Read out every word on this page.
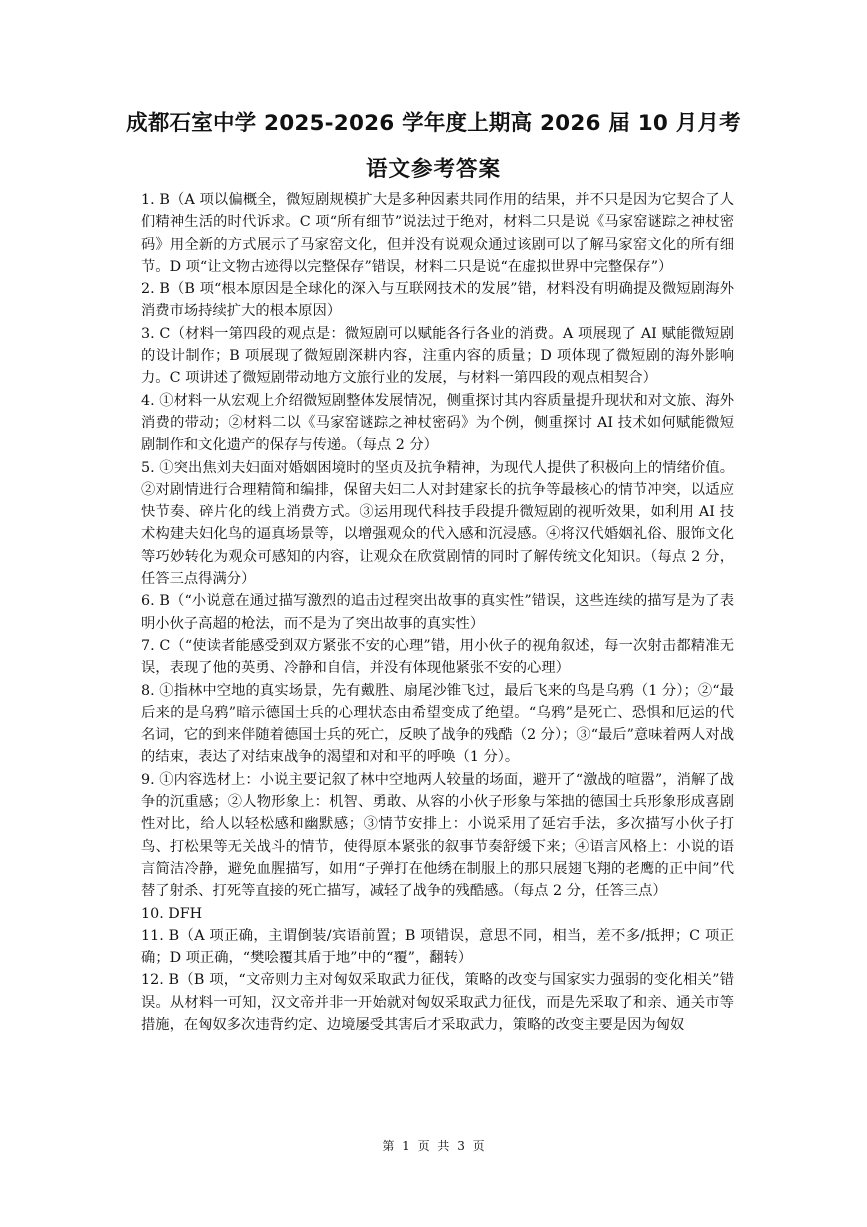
成都石室中学 2025-2026 学年度上期高 2026 届 10 月月考
语文参考答案

1. B（A 项以偏概全，微短剧规模扩大是多种因素共同作用的结果，并不只是因为它契合了人们精神生活的时代诉求。C 项“所有细节”说法过于绝对，材料二只是说《马家窑谜踪之神杖密码》用全新的方式展示了马家窑文化，但并没有说观众通过该剧可以了解马家窑文化的所有细节。D 项“让文物古迹得以完整保存”错误，材料二只是说“在虚拟世界中完整保存”）

2. B（B 项“根本原因是全球化的深入与互联网技术的发展”错，材料没有明确提及微短剧海外消费市场持续扩大的根本原因）

3. C（材料一第四段的观点是：微短剧可以赋能各行各业的消费。A 项展现了 AI 赋能微短剧的设计制作；B 项展现了微短剧深耕内容，注重内容的质量；D 项体现了微短剧的海外影响力。C 项讲述了微短剧带动地方文旅行业的发展，与材料一第四段的观点相契合）

4. ①材料一从宏观上介绍微短剧整体发展情况，侧重探讨其内容质量提升现状和对文旅、海外消费的带动；②材料二以《马家窑谜踪之神杖密码》为个例，侧重探讨 AI 技术如何赋能微短剧制作和文化遗产的保存与传递。（每点 2 分）

5. ①突出焦刘夫妇面对婚姻困境时的坚贞及抗争精神，为现代人提供了积极向上的情绪价值。②对剧情进行合理精简和编排，保留夫妇二人对封建家长的抗争等最核心的情节冲突，以适应快节奏、碎片化的线上消费方式。③运用现代科技手段提升微短剧的视听效果，如利用 AI 技术构建夫妇化鸟的逼真场景等，以增强观众的代入感和沉浸感。④将汉代婚姻礼俗、服饰文化等巧妙转化为观众可感知的内容，让观众在欣赏剧情的同时了解传统文化知识。（每点 2 分，任答三点得满分）

6. B（“小说意在通过描写激烈的追击过程突出故事的真实性”错误，这些连续的描写是为了表明小伙子高超的枪法，而不是为了突出故事的真实性）

7. C（“使读者能感受到双方紧张不安的心理”错，用小伙子的视角叙述，每一次射击都精准无误，表现了他的英勇、冷静和自信，并没有体现他紧张不安的心理）

8. ①指林中空地的真实场景，先有戴胜、扇尾沙锥飞过，最后飞来的鸟是乌鸦（1 分）；②“最后来的是乌鸦”暗示德国士兵的心理状态由希望变成了绝望。“乌鸦”是死亡、恐惧和厄运的代名词，它的到来伴随着德国士兵的死亡，反映了战争的残酷（2 分）；③“最后”意味着两人对战的结束，表达了对结束战争的渴望和对和平的呼唤（1 分）。

9. ①内容选材上：小说主要记叙了林中空地两人较量的场面，避开了“激战的喧嚣”，消解了战争的沉重感；②人物形象上：机智、勇敢、从容的小伙子形象与笨拙的德国士兵形象形成喜剧性对比，给人以轻松感和幽默感；③情节安排上：小说采用了延宕手法，多次描写小伙子打鸟、打松果等无关战斗的情节，使得原本紧张的叙事节奏舒缓下来；④语言风格上：小说的语言简洁冷静，避免血腥描写，如用“子弹打在他绣在制服上的那只展翅飞翔的老鹰的正中间”代替了射杀、打死等直接的死亡描写，减轻了战争的残酷感。（每点 2 分，任答三点）

10. DFH

11. B（A 项正确，主谓倒装/宾语前置；B 项错误，意思不同，相当，差不多/抵押；C 项正确；D 项正确，“樊哙覆其盾于地”中的“覆”，翻转）

12. B（B 项，“文帝则力主对匈奴采取武力征伐，策略的改变与国家实力强弱的变化相关”错误。从材料一可知，汉文帝并非一开始就对匈奴采取武力征伐，而是先采取了和亲、通关市等措施，在匈奴多次违背约定、边境屡受其害后才采取武力，策略的改变主要是因为匈奴

第 1 页 共 3 页
